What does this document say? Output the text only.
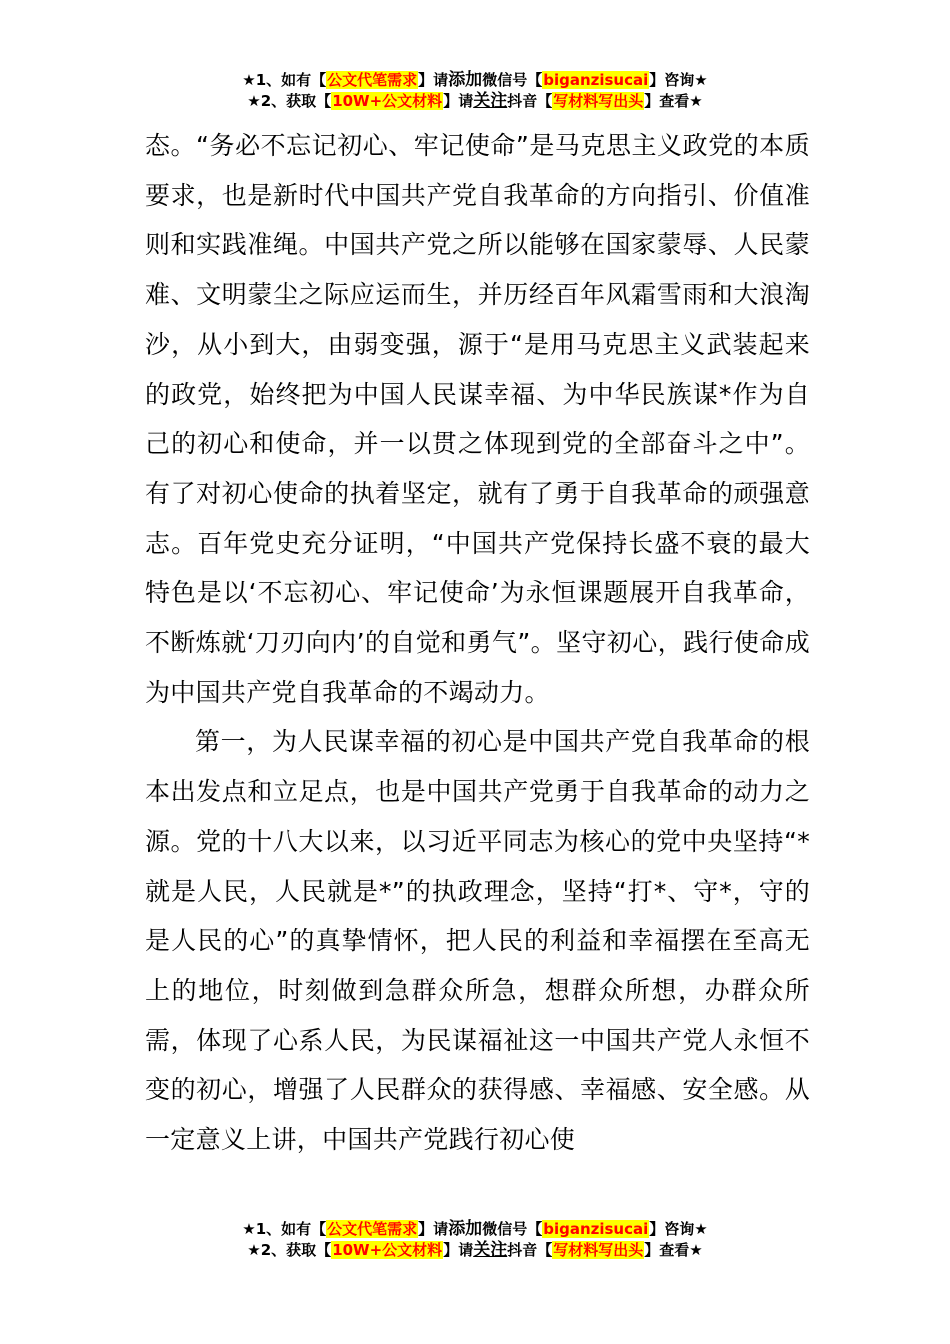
★1、如有【公文代笔需求】请添加微信号【biganzisucai】咨询★
★2、获取【10W+公文材料】请关注抖音【写材料写出头】查看★

态。“务必不忘记初心、牢记使命”是马克思主义政党的本质要求，也是新时代中国共产党自我革命的方向指引、价值准则和实践准绳。中国共产党之所以能够在国家蒙辱、人民蒙难、文明蒙尘之际应运而生，并历经百年风霜雪雨和大浪淘沙，从小到大，由弱变强，源于“是用马克思主义武装起来的政党，始终把为中国人民谋幸福、为中华民族谋*作为自己的初心和使命，并一以贯之体现到党的全部奋斗之中”。有了对初心使命的执着坚定，就有了勇于自我革命的顽强意志。百年党史充分证明，“中国共产党保持长盛不衰的最大特色是以‘不忘初心、牢记使命’为永恒课题展开自我革命，不断炼就‘刀刃向内’的自觉和勇气”。坚守初心，践行使命成为中国共产党自我革命的不竭动力。

第一，为人民谋幸福的初心是中国共产党自我革命的根本出发点和立足点，也是中国共产党勇于自我革命的动力之源。党的十八大以来，以习近平同志为核心的党中央坚持“*就是人民，人民就是*”的执政理念，坚持“打*、守*，守的是人民的心”的真挚情怀，把人民的利益和幸福摆在至高无上的地位，时刻做到急群众所急，想群众所想，办群众所需，体现了心系人民，为民谋福祉这一中国共产党人永恒不变的初心，增强了人民群众的获得感、幸福感、安全感。从一定意义上讲，中国共产党践行初心使

★1、如有【公文代笔需求】请添加微信号【biganzisucai】咨询★
★2、获取【10W+公文材料】请关注抖音【写材料写出头】查看★
